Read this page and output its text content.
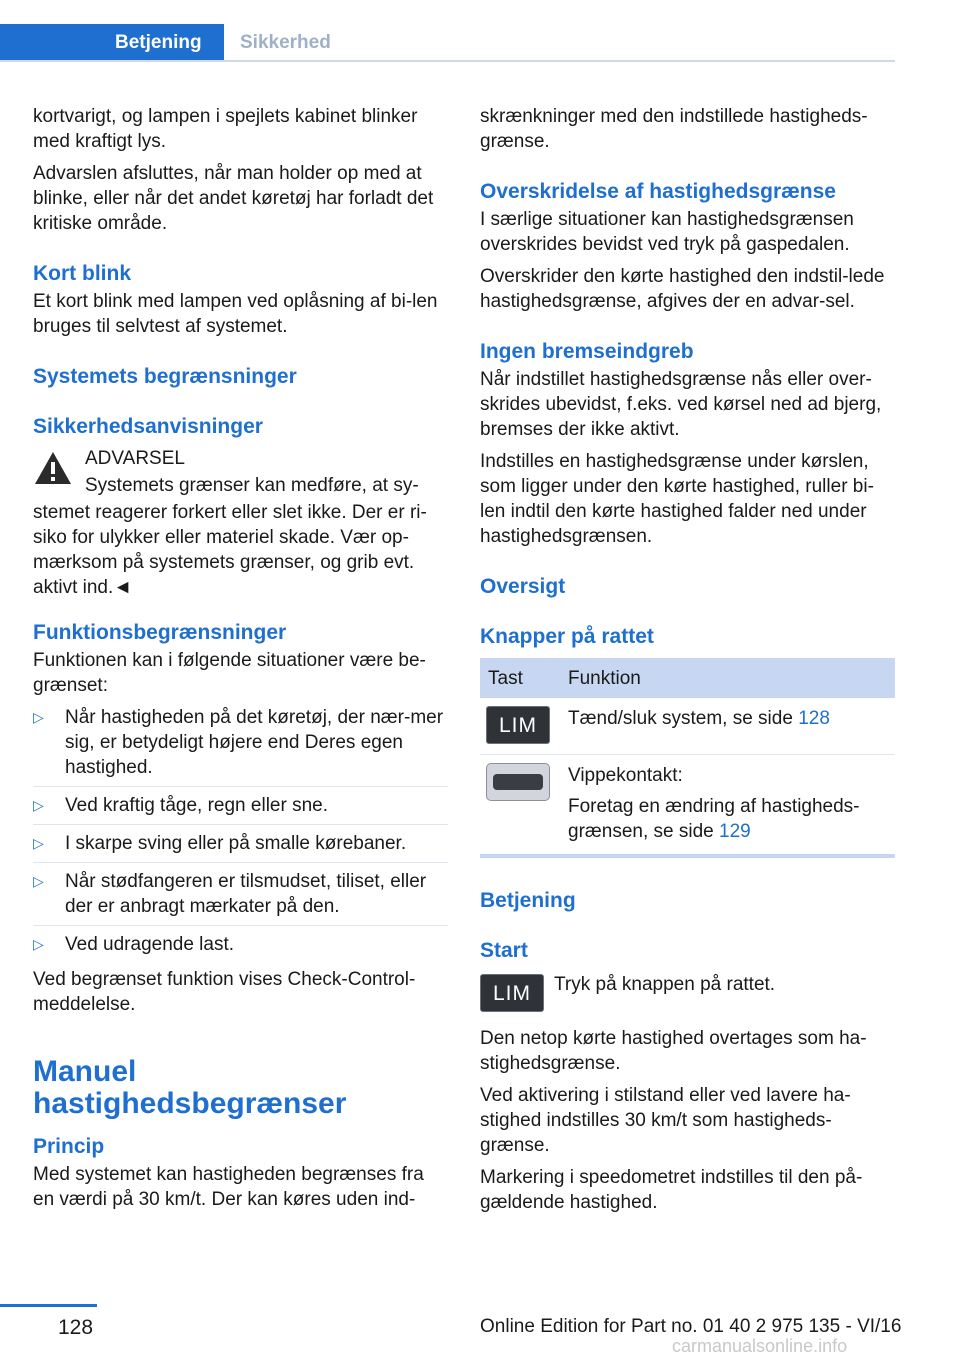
Betjening	Sikkerhed

kortvarigt, og lampen i spejlets kabinet blinker med kraftigt lys.

Advarslen afsluttes, når man holder op med at blinke, eller når det andet køretøj har forladt det kritiske område.

Kort blink

Et kort blink med lampen ved oplåsning af bi-len bruges til selvtest af systemet.

Systemets begrænsninger
Sikkerhedsanvisninger

ADVARSEL

Systemets grænser kan medføre, at sy-

stemet reagerer forkert eller slet ikke. Der er ri-siko for ulykker eller materiel skade. Vær op-mærksom på systemets grænser, og grib evt. aktivt ind.◄

Funktionsbegrænsninger

Funktionen kan i følgende situationer være be-grænset:

▷ Når hastigheden på det køretøj, der nær-mer sig, er betydeligt højere end Deres egen hastighed.
▷ Ved kraftig tåge, regn eller sne.
▷ I skarpe sving eller på smalle kørebaner.
▷ Når stødfangeren er tilsmudset, tiliset, eller der er anbragt mærkater på den.
▷ Ved udragende last.

Ved begrænset funktion vises Check-Control-meddelelse.

Manuel
hastighedsbegrænser
Princip

Med systemet kan hastigheden begrænses fra en værdi på 30 km/t. Der kan køres uden ind-

skrænkninger med den indstillede hastigheds-grænse.

Overskridelse af hastighedsgrænse

I særlige situationer kan hastighedsgrænsen overskrides bevidst ved tryk på gaspedalen.

Overskrider den kørte hastighed den indstil-lede hastighedsgrænse, afgives der en advar-sel.

Ingen bremseindgreb

Når indstillet hastighedsgrænse nås eller over-skrides ubevidst, f.eks. ved kørsel ned ad bjerg, bremses der ikke aktivt.

Indstilles en hastighedsgrænse under kørslen, som ligger under den kørte hastighed, ruller bi-len indtil den kørte hastighed falder ned under hastighedsgrænsen.

Oversigt
Knapper på rattet
Tast	Funktion

LIM	Tænd/sluk system, se side 128

	Vippekontakt:

Foretag en ændring af hastigheds-grænsen, se side 129
Betjening
Start
LIM	Tryk på knappen på rattet.

Den netop kørte hastighed overtages som ha-stighedsgrænse.

Ved aktivering i stilstand eller ved lavere ha-stighed indstilles 30 km/t som hastigheds-grænse.

Markering i speedometret indstilles til den på-gældende hastighed.

128	Online Edition for Part no. 01 40 2 975 135 - VI/16
carmanualsonline.info
